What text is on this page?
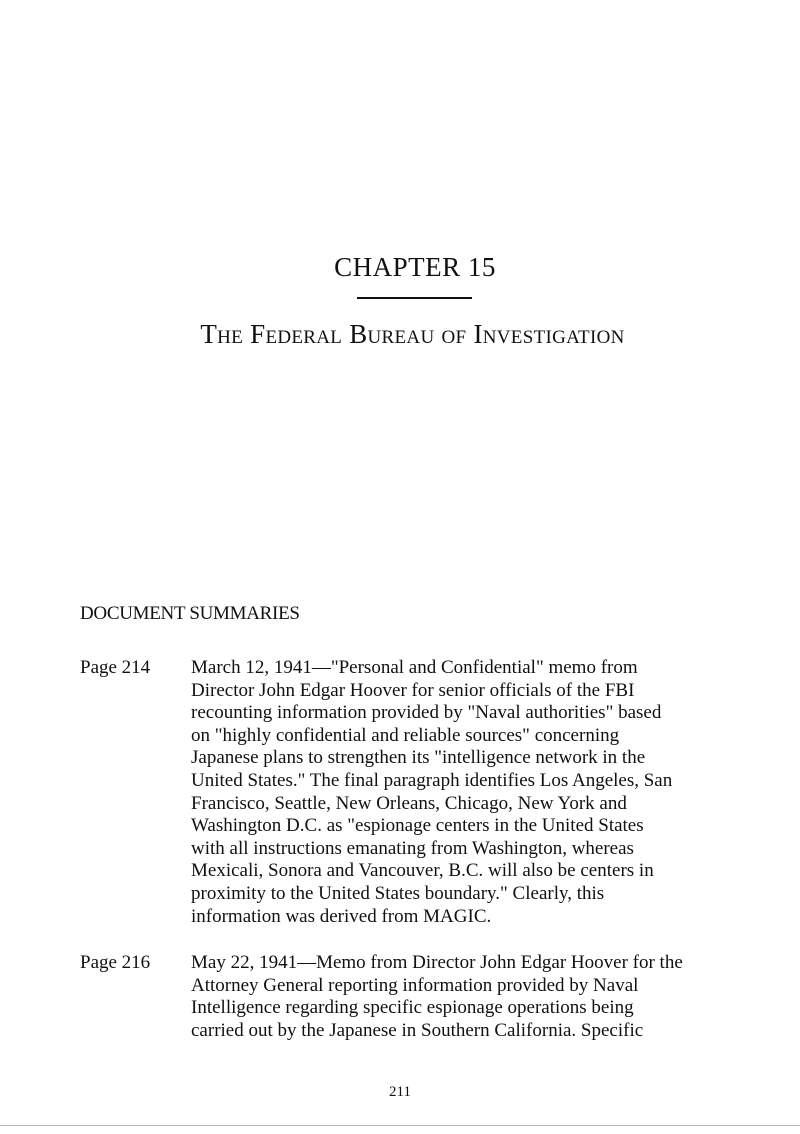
CHAPTER 15
The Federal Bureau of Investigation
DOCUMENT SUMMARIES
Page 214	March 12, 1941—"Personal and Confidential" memo from
Director John Edgar Hoover for senior officials of the FBI
recounting information provided by "Naval authorities" based
on "highly confidential and reliable sources" concerning
Japanese plans to strengthen its "intelligence network in the
United States." The final paragraph identifies Los Angeles, San
Francisco, Seattle, New Orleans, Chicago, New York and
Washington D.C. as "espionage centers in the United States
with all instructions emanating from Washington, whereas
Mexicali, Sonora and Vancouver, B.C. will also be centers in
proximity to the United States boundary." Clearly, this
information was derived from MAGIC.
Page 216	May 22, 1941—Memo from Director John Edgar Hoover for the
Attorney General reporting information provided by Naval
Intelligence regarding specific espionage operations being
carried out by the Japanese in Southern California. Specific
211
